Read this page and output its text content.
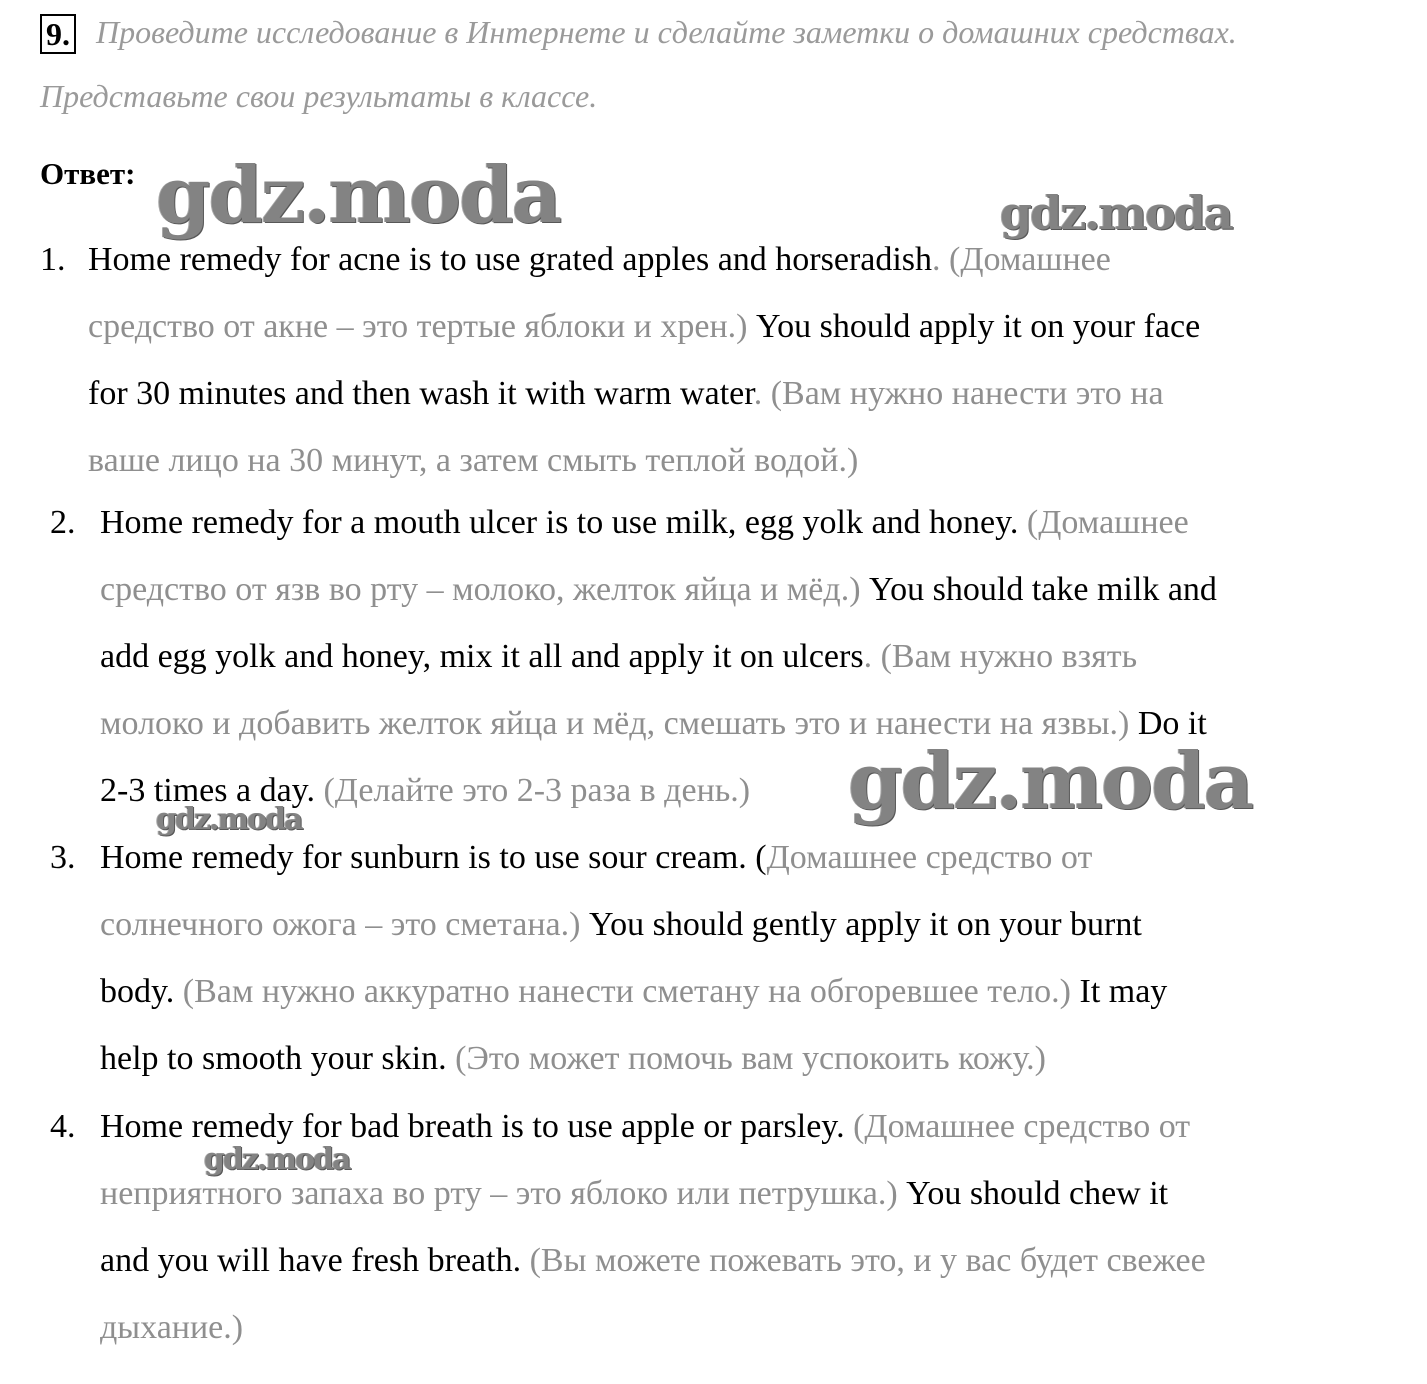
9. Проведите исследование в Интернете и сделайте заметки о домашних средствах.
Представьте свои результаты в классе.
Ответ:
1. Home remedy for acne is to use grated apples and horseradish. (Домашнее
средство от акне – это тертые яблоки и хрен.) You should apply it on your face
for 30 minutes and then wash it with warm water. (Вам нужно нанести это на
ваше лицо на 30 минут, а затем смыть теплой водой.)
2. Home remedy for a mouth ulcer is to use milk, egg yolk and honey. (Домашнее
средство от язв во рту – молоко, желток яйца и мёд.) You should take milk and
add egg yolk and honey, mix it all and apply it on ulcers. (Вам нужно взять
молоко и добавить желток яйца и мёд, смешать это и нанести на язвы.) Do it
2-3 times a day. (Делайте это 2-3 раза в день.)
3. Home remedy for sunburn is to use sour cream. (Домашнее средство от
солнечного ожога – это сметана.) You should gently apply it on your burnt
body. (Вам нужно аккуратно нанести сметану на обгоревшее тело.) It may
help to smooth your skin. (Это может помочь вам успокоить кожу.)
4. Home remedy for bad breath is to use apple or parsley. (Домашнее средство от
неприятного запаха во рту – это яблоко или петрушка.) You should chew it
and you will have fresh breath. (Вы можете пожевать это, и у вас будет свежее
дыхание.)
gdz.moda	gdz.moda
gdz.moda
gdz.moda
gdz.moda
